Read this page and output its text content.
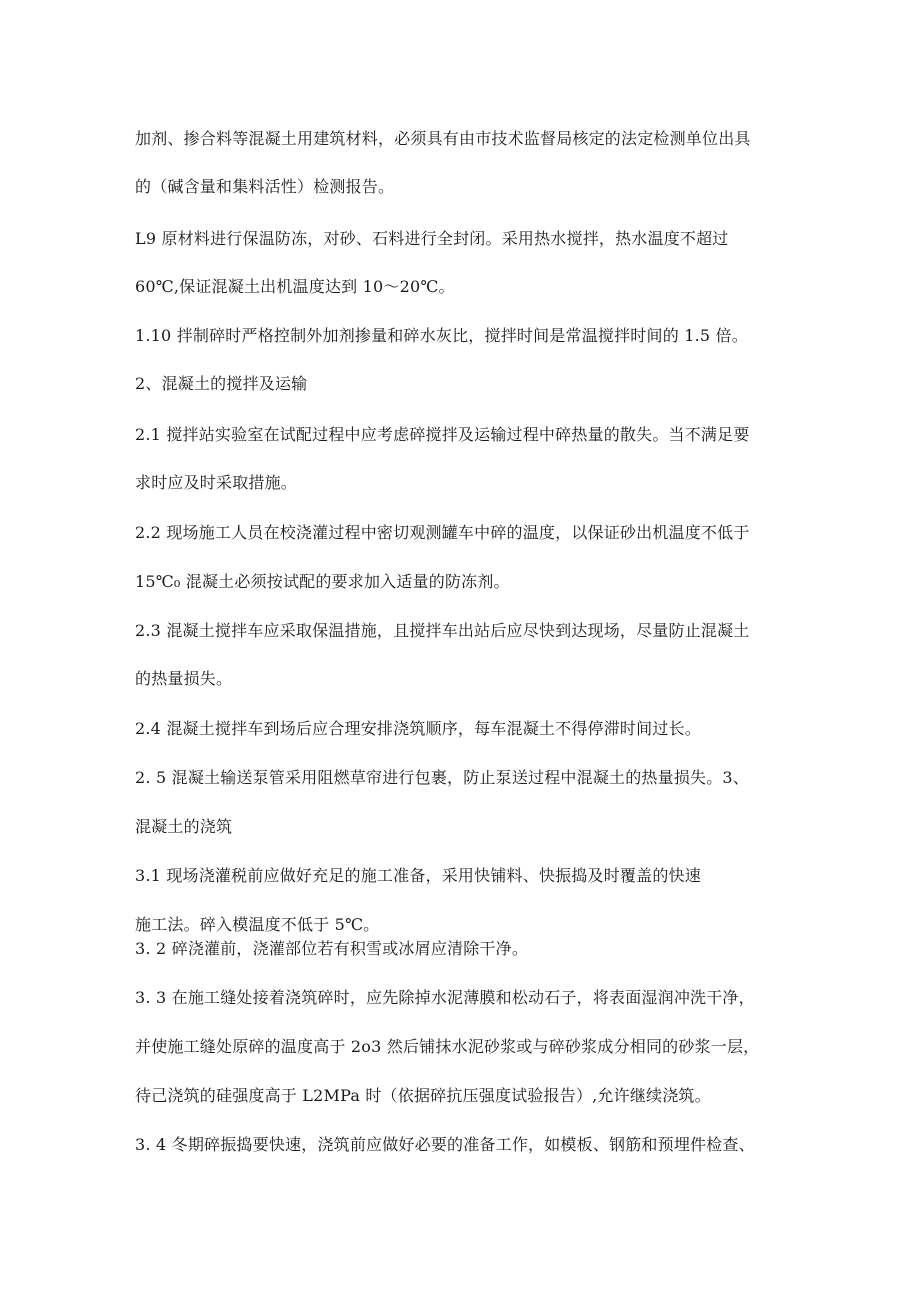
加剂、掺合料等混凝土用建筑材料，必须具有由市技术监督局核定的法定检测单位出具
的（碱含量和集料活性）检测报告。
L9 原材料进行保温防冻，对砂、石料进行全封闭。采用热水搅拌，热水温度不超过
60℃,保证混凝土出机温度达到 10～20℃。
1.10 拌制碎时严格控制外加剂掺量和碎水灰比，搅拌时间是常温搅拌时间的 1.5 倍。
2、混凝土的搅拌及运输
2.1 搅拌站实验室在试配过程中应考虑碎搅拌及运输过程中碎热量的散失。当不满足要
求时应及时采取措施。
2.2 现场施工人员在校浇灌过程中密切观测罐车中碎的温度，以保证砂出机温度不低于
15℃₀ 混凝土必须按试配的要求加入适量的防冻剂。
2.3 混凝土搅拌车应采取保温措施，且搅拌车出站后应尽快到达现场，尽量防止混凝土
的热量损失。
2.4 混凝土搅拌车到场后应合理安排浇筑顺序，每车混凝土不得停滞时间过长。
2. 5 混凝土输送泵管采用阻燃草帘进行包裹，防止泵送过程中混凝土的热量损失。3、
混凝土的浇筑
3.1 现场浇灌税前应做好充足的施工准备，采用快铺料、快振捣及时覆盖的快速
施工法。碎入模温度不低于 5℃。
3. 2 碎浇灌前，浇灌部位若有积雪或冰屑应清除干净。
3. 3 在施工缝处接着浇筑碎时，应先除掉水泥薄膜和松动石子，将表面湿润冲洗干净，
并使施工缝处原碎的温度高于 2o3 然后铺抹水泥砂浆或与碎砂浆成分相同的砂浆一层，
待己浇筑的硅强度高于 L2MPa 时（依据碎抗压强度试验报告）,允许继续浇筑。
3. 4 冬期碎振捣要快速，浇筑前应做好必要的准备工作，如模板、钢筋和预埋件检查、
